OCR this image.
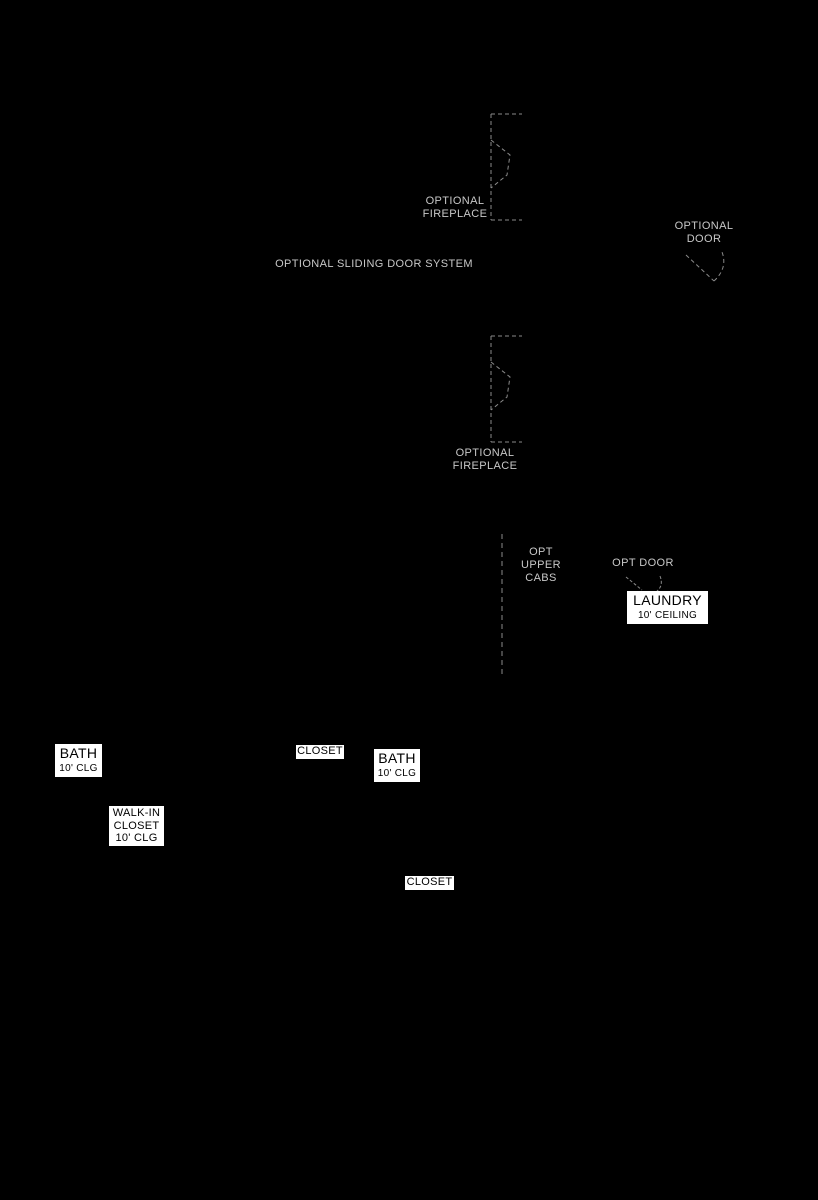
OPTIONAL
FIREPLACE
OPTIONAL
DOOR
OPTIONAL SLIDING DOOR SYSTEM
OPTIONAL
FIREPLACE
OPT
UPPER
CABS
OPT DOOR
LAUNDRY
10' CEILING
BATH
10' CLG
CLOSET	BATH
10' CLG
WALK-IN
CLOSET
10' CLG
CLOSET
